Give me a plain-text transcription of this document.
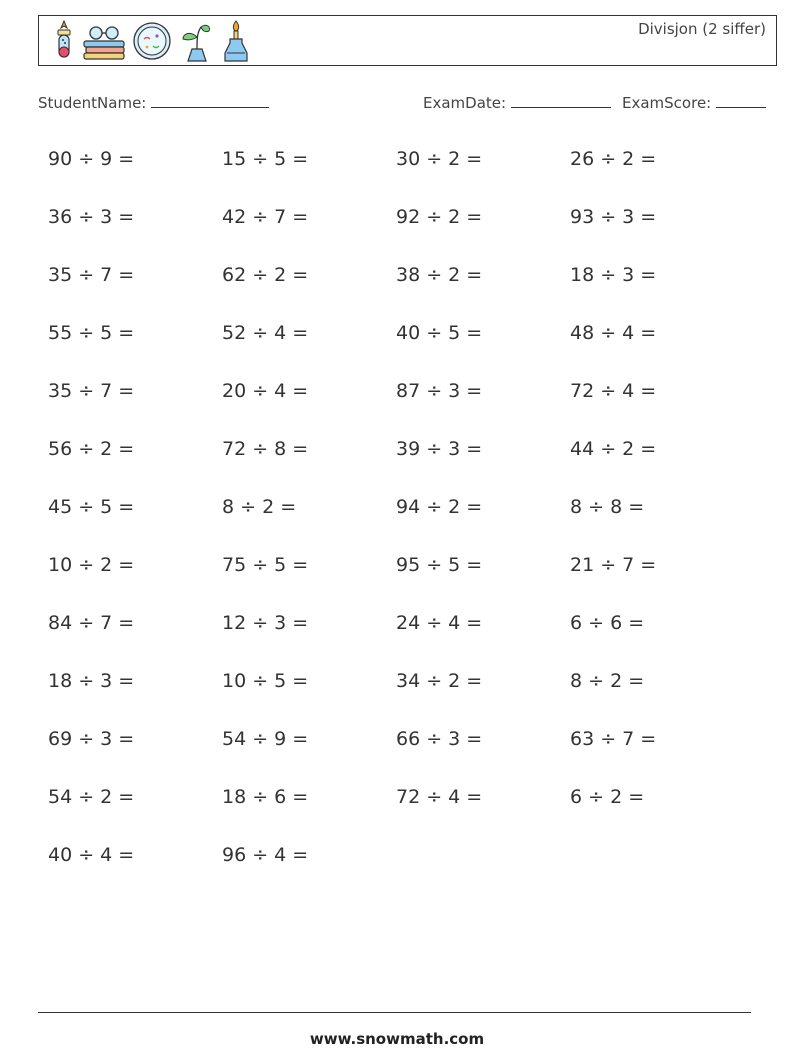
Divisjon (2 siffer)
StudentName:	ExamDate:	ExamScore:
90 ÷ 9 =	15 ÷ 5 =	30 ÷ 2 =	26 ÷ 2 =
36 ÷ 3 =	42 ÷ 7 =	92 ÷ 2 =	93 ÷ 3 =
35 ÷ 7 =	62 ÷ 2 =	38 ÷ 2 =	18 ÷ 3 =
55 ÷ 5 =	52 ÷ 4 =	40 ÷ 5 =	48 ÷ 4 =
35 ÷ 7 =	20 ÷ 4 =	87 ÷ 3 =	72 ÷ 4 =
56 ÷ 2 =	72 ÷ 8 =	39 ÷ 3 =	44 ÷ 2 =
45 ÷ 5 =	8 ÷ 2 =	94 ÷ 2 =	8 ÷ 8 =
10 ÷ 2 =	75 ÷ 5 =	95 ÷ 5 =	21 ÷ 7 =
84 ÷ 7 =	12 ÷ 3 =	24 ÷ 4 =	6 ÷ 6 =
18 ÷ 3 =	10 ÷ 5 =	34 ÷ 2 =	8 ÷ 2 =
69 ÷ 3 =	54 ÷ 9 =	66 ÷ 3 =	63 ÷ 7 =
54 ÷ 2 =	18 ÷ 6 =	72 ÷ 4 =	6 ÷ 2 =
40 ÷ 4 =	96 ÷ 4 =
www.snowmath.com
